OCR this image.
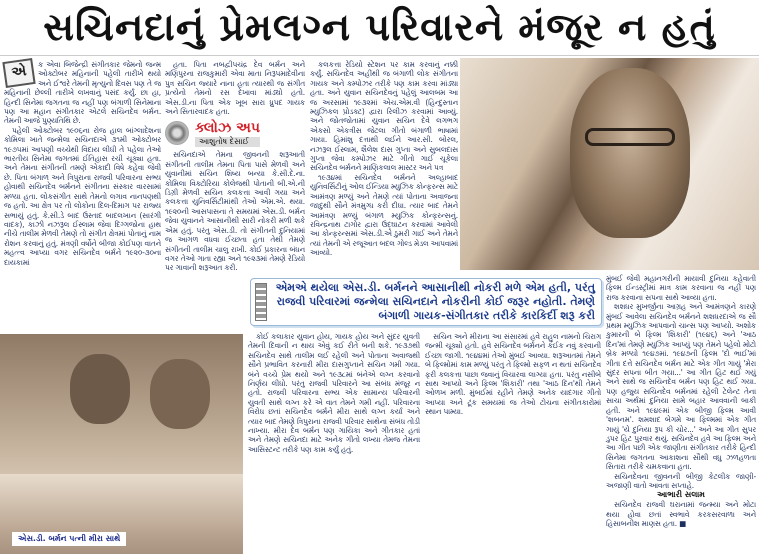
સચિનદાનું પ્રેમલગ્ન પરિવારને મંજૂર ન હતું
એ	ક એવા બિજેન્દ્રી સંગીતકાર જેમનો જન્મ ઓક્ટોબર મહિનાની પહેલી તારીખે થયો અને ઈશ્વરે તેમની મૃત્યુનો દિવસ પણ તે જ મહિનાની છેલ્લી તારીખે લખવાનું પસંદ કર્યું. છા હા, હિન્દી સિનેમા જગતના જ નહીં પણ બંગાળી સિનેમાના પણ આ મહાન સંગીતકાર એટલે સચિનદેવ બર્મન. તેમની આજે પુણ્યતિથિ છે.

પહેલી ઓક્ટોબર ૧૯૦૬ના રોજ હાલ બાંગ્લાદેશના કોમિલા ખાતે જન્મેલા સચિનદાએ ૩૧મી ઓક્ટોબર ૧૯૭૫માં આપણી વચ્ચેથી વિદાય લીધી તે પહેલા તેઓ ભારતીય સિનેમા જગતમાં ઈતિહાસ રચી ચૂક્યા હતા. અને તેમના સંગીતની તમણે એકાદી વિષે કહેવા જેવી છે. પિતા બંગાળ અને ત્રિપુરાના રાજવી પરિવારના સભ્ય હોવાથી સચિનદેવ બર્મનને સંગીતના સંસ્કાર વારસામાં મળ્યા હતા. લોકસંગીત સાથે તેમનો લગાવ નાનપણથી જ હતો. આ ક્ષેત્ર પર તો લોકોના દિલ-દિમાગ પર રાજ્ય સભાયું હતું. કે.સી.ડે બાદ ઉસ્તાદ બાદલખાન (સારંગી વાદક), કાઝી નઝરૂલ ઈસ્લામ જેવા દિગ્ગજોના હાથ નીચે તાલીમ મેળવી તેમણે તો સંગીત ક્ષેત્રમાં પોતાનું નામ રોશન કરવાનું હતું. મંત્રણી વર્ષોને બીજા કોઈપણ વાતને મહત્ત્વ આપ્યા વગર સચિનદેવ બર્મને ૧૯૨૦-૩૦ના દાયકામાં

હતા. પિતા નબદ્વીપચંદ્ર દેવ બર્મન અને મણિપુરના રાજકુમારી એવા માતા નિરૂપમાદેવીના પુત્ર સચિન જ્યારે નાના હતા ત્યારથી જ સંગીત પ્રત્યેનો તેમનો રસ દેખાવા માંડ્યો હતો. એસ.ડી.ના પિતા એક ખૂબ સારા ધ્રુપદ ગાયક અને સિતારવાદક હતા.

ક્લોઝ અપ
આશુતોષ દેસાઈ

સચિનદાએ તેમના જીવનની શરૂઆતી સંગીતની તાલીમ તેમના પિતા પાસે મેળવી અને યુવાનીમાં સચિન શિષ્ય બન્યા કે.સી.દે.ના. કોમિલા વિક્ટોરિયા કોલેજથી પોતાની બી.એ.ની ડિગ્રી મેળવી સચિન કલકત્તા આવી ગયા અને કલકત્તા યુનિવર્સિટીમાંથી તેઓ એમ.એ. થયા. ૧૯૨૦ની આસપાસના તે સમયમાં એસ.ડી. બર્મન જેવા યુવાનને આસાનીથી સારી નોકરી મળી શકે એમ હતું. પરંતુ એસ.ડી. તો સંગીતની દુનિયામાં જ આગળ વધવા ઈચ્છતા હતા તેથી તેમણે સંગીતની તાલીમ ચાલુ રાખી. કોઈ પ્રકારના બંધન વગર તેઓ ગાતા રહ્યા અને ૧૯૨૩માં તેમણે રેડિયો પર ગાવાની શરૂઆત કરી.

કલકત્તા રેડિયો સ્ટેશન પર કામ કરવાનું નક્કી કર્યું. સચિનદેવ અહીંથી જ બંગાળી લોક સંગીતના ગાયક અને કમ્પોઝર તરીકે પણ કામ કરવા માંડ્યા હતા. અને યુવાન સચિનદેવનું પહેલું આલબમ આ જ અરસામાં ૧૯૩૨માં એચ.એમ.વી (હિન્દુસ્તાન મ્યુઝિકલ પ્રોડક્ટ) દ્વારા રિલીઝ કરવામાં આવ્યું. અને જોતજોતામાં યુવાન સચિન દેવે લગભગ એકસો એકત્રીસ જેટલા ગીતો બંગાળી ભાષામાં ગાયા. હિમાંશુ દત્તાથી લઈને આર.સી. બોરલ, નઝરૂલ ઈસ્લામ, શૈલેશ દાસ ગુપ્તા અને સુબલદાસ ગુપ્તા જેવા કમ્પોઝર માટે ગીતો ગાઈ ચૂકેલા સચિનદેવ બર્મનને માણિકલાલ માસ્ટર અને પત્ર

૧૯૩૪માં સચિનદેવ બર્મનને અલ્હાબાદ યુનિવર્સિટીનું ઓલ ઈન્ડિયા મ્યુઝિક કોન્ફરન્સ માટે આમંત્રણ મળ્યું અને તેમણે ત્યાં પોતાના અવાજના જાદુથી સૌને મંત્રમુગ્ધ કરી દીધા. ત્યાર બાદ તેમને આમંત્રણ મળ્યું બંગાળ મ્યુઝિક કોન્ફરન્સનું. રવિન્દ્રનાથ ટાગોર દ્વારા ઉદ્ઘાટન કરવામાં આવેલી આ કોન્ફરન્સમાં એસ.ડી.એ ઠુમરી ગાઈ અને તેમને ત્યાં તેમની એ રજૂઆત બદલ ગોલ્ડ મેડલ આપવામાં આવ્યો.

એમએ થયેલા એસ.ડી. બર્મનને આસાનીથી નોકરી મળે એમ હતી, પરંતુ રાજવી પરિવારમાં જન્મેલા સચિનદાને નોકરીની કોઈ જરૂર નહોતી. તેમણે બંગાળી ગાયક-સંગીતકાર તરીકે કારકિર્દી શરૂ કરી
એસ.ડી. બર્મન પત્ની મીરા સાથે

કોઈ કલાકાર યુવાન હોય, ગાયક હોય અને સુંદર યુવતી તેમની દિવાની ન થાય એવું કઈ રીતે બની શકે. ૧૯૩૭થી સચિનદેવ સાથે તાલીમ લઈ રહેલી અને પોતાના અવાજથી સૌને પ્રભાવિત કરનારી મીરા દાસગુપ્તાને સચિન ગમી ગયા. બંને વચ્ચે પ્રેમ થયો અને ૧૯૩૮માં બંનેએ લગ્ન કરવાનો નિર્ણય લીધો. પરંતુ રાજવી પરિવારને આ સંબંધ મંજૂર ન હતો. રાજવી પરિવારના સભ્ય એક સામાન્ય પરિવારની યુવતી સાથે લગ્ન કરે એ વાત તેમને ગમી નહીં. પરિવારના વિરોધ છતાં સચિનદેવ બર્મને મીરા સાથે લગ્ન કર્યા અને ત્યાર બાદ તેમણે ત્રિપુરાના રાજવી પરિવાર સાથેના સંબંધ તોડી નાખ્યા. મીરા દેવ બર્મન પણ ગાયિકા અને ગીતકાર હતાં અને તેમણે સચિનદા માટે અનેક ગીતો લખ્યા તેમજ તેમના આસિસ્ટન્ટ તરીકે પણ કામ કર્યું હતું.

સચિન અને મીરાના આ સંસારમાં હવે રાહુલ નામનો ચિરાગ જન્મી ચૂક્યો હતો. હવે સચિનદેવ બર્મનને કંઈક નવું કરવાની ઈચ્છા જાગી. ૧૯૪૪માં તેઓ મુંબઈ આવ્યા. શરૂઆતમાં તેમને બે ફિલ્મોમાં કામ મળ્યું પરંતુ તે ફિલ્મો સફળ ન થતાં સચિનદેવ ફરી કલકત્તા પાછા જવાનું વિચારવા લાગ્યા હતા. પરંતુ નસીબે સાથ આપ્યો અને ફિલ્મ 'શિકારી' તથા 'આઠ દિન'થી તેમને ઓળખ મળી. મુંબઈમાં રહીને તેમણે અનેક યાદગાર ગીતો આપ્યા અને ટૂંક સમયમાં જ તેઓ ટોચના સંગીતકારોમાં સ્થાન પામ્યા.

મુંબઈ જેવી મહાનગરીની માયાવી દુનિયા કહેવાતી ફિલ્મ ઈન્ડસ્ટ્રીમાં માત્ર કામ કરવાના જ નહીં પણ રાજ કરવાના સપના સાથે આવ્યા હતા.

શશધર મુખર્જીના આગ્રહ અને આમંત્રણને કારણે મુંબઈ આવેલા સચિનદેવ બર્મનને શશધરદાએ જ સૌ પ્રથમ મ્યુઝિક આપવાનો ચાન્સ પણ આપ્યો. અશોક કુમારની બે ફિલ્મ 'શિકારી' (૧૯૪૬) અને 'આઠ દિન'માં તેમણે મ્યુઝિક આપ્યું પણ તેમને પહેલો મોટો બ્રેક મળ્યો ૧૯૪૭માં. ૧૯૪૭ની ફિલ્મ 'દો ભાઈ'માં ગીતા દત્તે સચિનદેવ બર્મન માટે એક ગીત ગાયું 'મેરા સુંદર સપના બીત ગયા...' આ ગીત હિટ થઈ ગયું અને સાથે જ સચિનદેવ બર્મન પણ હિટ થઈ ગયા. પણ હજુય સચિનદેવ બર્મનમાં રહેલી ટેલેન્ટ તેના સાચા અર્થમાં દુનિયા સામે બહાર આવવાની બાકી હતી. અને ૧૯૪૯માં એક બીજી ફિલ્મ આવી 'શબનમ'. શમશાદ બેગમે આ ફિલ્મમાં એક ગીત ગાયું 'યે દુનિયા રૂપ કી ચોર...' અને આ ગીત સુપર ડુપર હિટ પુરવાર થયું. સચિનદેવ હવે આ ફિલ્મ અને આ ગીત પછી એક જાણીતા સંગીતકાર તરીકે હિન્દી સિનેમા જગતના આકાશના સૌથી વધુ ઝળહળતા સિતારા તરીકે ચમકવાના હતા.

સચિનદેવના જીવનની બીજી કેટલીક જાણી-અજાણી વાતો આવતા સપ્તાહે.

આભારી સલામ

સચિનદેવ રાજવી ઘરાનામાં જન્મ્યા અને મોટા થયા હોવા છતાં સ્વભાવે કરકસરવાળા અને હિસાબનીશ માણસ હતા. ■
